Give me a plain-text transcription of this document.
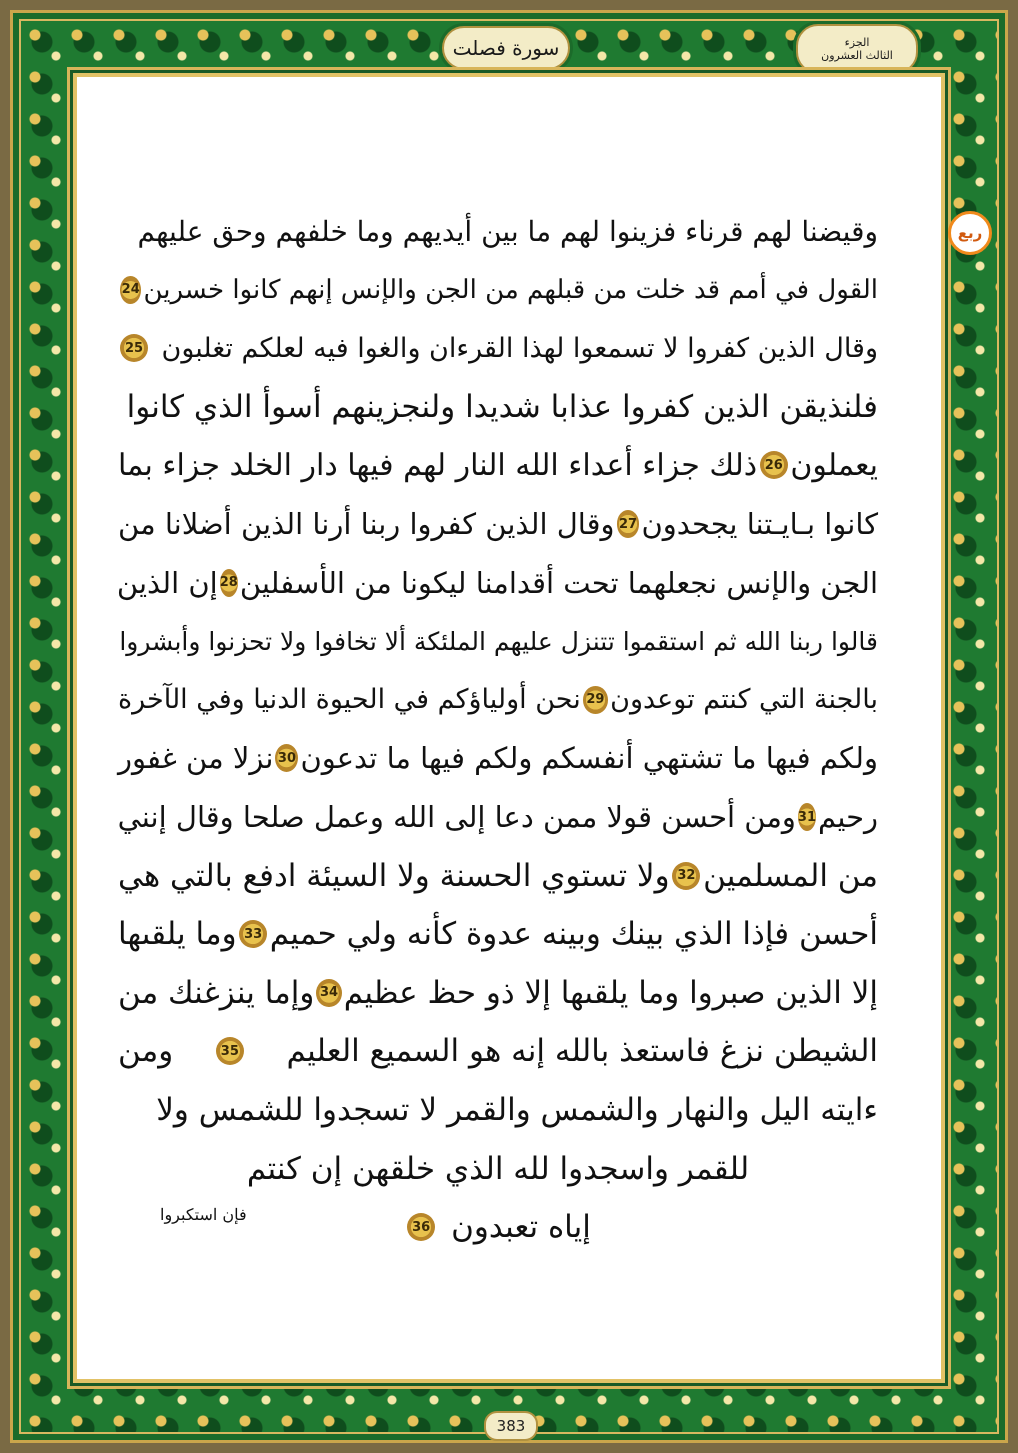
الجزء
الثالث العشرون
سورة فصلت
ربع
وقيضنا لهم قرناء فزينوا لهم ما بين أيديهم وما خلفهم وحق عليهم
القول في أمم قد خلت من قبلهم من الجن والإنس إنهم كانوا خسرين
24
وقال الذين كفروا لا تسمعوا لهذا القرءان والغوا فيه لعلكم تغلبون
25
فلنذيقن الذين كفروا عذابا شديدا ولنجزينهم أسوأ الذي كانوا
يعملون
26
ذلك جزاء أعداء الله النار لهم فيها دار الخلد جزاء بما
كانوا بـايـتنا يجحدون
27
وقال الذين كفروا ربنا أرنا الذين أضلانا من
الجن والإنس نجعلهما تحت أقدامنا ليكونا من الأسفلين
28
إن الذين
قالوا ربنا الله ثم استقموا تتنزل عليهم الملئكة ألا تخافوا ولا تحزنوا وأبشروا
بالجنة التي كنتم توعدون
29
نحن أولياؤكم في الحيوة الدنيا وفي الآخرة
ولكم فيها ما تشتهي أنفسكم ولكم فيها ما تدعون
30
نزلا من غفور
رحيم
31
ومن أحسن قولا ممن دعا إلى الله وعمل صلحا وقال إنني
من المسلمين
32
ولا تستوي الحسنة ولا السيئة ادفع بالتي هي
أحسن فإذا الذي بينك وبينه عدوة كأنه ولي حميم
33
وما يلقىها
إلا الذين صبروا وما يلقىها إلا ذو حظ عظيم
34
وإما ينزغنك من
الشيطن نزغ فاستعذ بالله إنه هو السميع العليم
35
ومن
ءايته اليل والنهار والشمس والقمر لا تسجدوا للشمس ولا
للقمر واسجدوا لله الذي خلقهن إن كنتم
إياه تعبدون
36
فإن استكبروا
383
